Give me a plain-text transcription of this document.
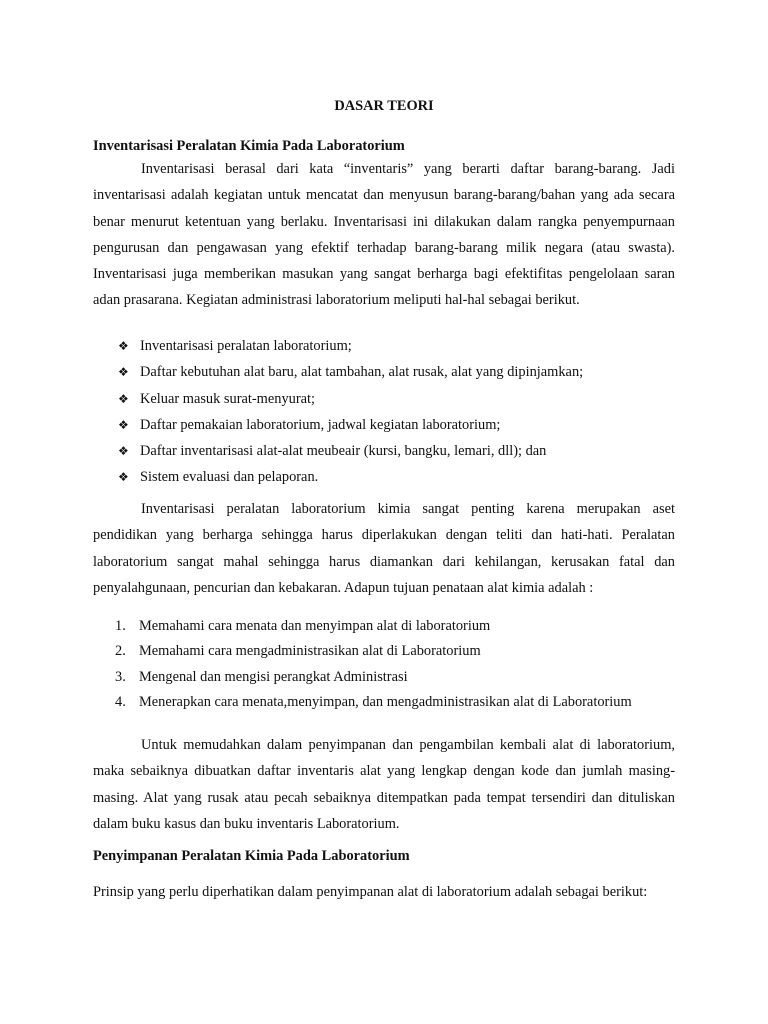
DASAR TEORI
Inventarisasi Peralatan Kimia Pada Laboratorium

Inventarisasi berasal dari kata “inventaris” yang berarti daftar barang-barang. Jadi inventarisasi adalah kegiatan untuk mencatat dan menyusun barang-barang/bahan yang ada secara benar menurut ketentuan yang berlaku. Inventarisasi ini dilakukan dalam rangka penyempurnaan pengurusan dan pengawasan yang efektif terhadap barang-barang milik negara (atau swasta). Inventarisasi juga memberikan masukan yang sangat berharga bagi efektifitas pengelolaan saran adan prasarana. Kegiatan administrasi laboratorium meliputi hal-hal sebagai berikut.

❖ Inventarisasi peralatan laboratorium;
❖ Daftar kebutuhan alat baru, alat tambahan, alat rusak, alat yang dipinjamkan;
❖ Keluar masuk surat-menyurat;
❖ Daftar pemakaian laboratorium, jadwal kegiatan laboratorium;
❖ Daftar inventarisasi alat-alat meubeair (kursi, bangku, lemari, dll); dan
❖ Sistem evaluasi dan pelaporan.

Inventarisasi peralatan laboratorium kimia sangat penting karena merupakan aset pendidikan yang berharga sehingga harus diperlakukan dengan teliti dan hati-hati. Peralatan laboratorium sangat mahal sehingga harus diamankan dari kehilangan, kerusakan fatal dan penyalahgunaan, pencurian dan kebakaran. Adapun tujuan penataan alat kimia adalah :

1. Memahami cara menata dan menyimpan alat di laboratorium
2. Memahami cara mengadministrasikan alat di Laboratorium
3. Mengenal dan mengisi perangkat Administrasi
4. Menerapkan cara menata,menyimpan, dan mengadministrasikan alat di Laboratorium

Untuk memudahkan dalam penyimpanan dan pengambilan kembali alat di laboratorium, maka sebaiknya dibuatkan daftar inventaris alat yang lengkap dengan kode dan jumlah masing-masing. Alat yang rusak atau pecah sebaiknya ditempatkan pada tempat tersendiri dan dituliskan dalam buku kasus dan buku inventaris Laboratorium.

Penyimpanan Peralatan Kimia Pada Laboratorium

Prinsip yang perlu diperhatikan dalam penyimpanan alat di laboratorium adalah sebagai berikut:
